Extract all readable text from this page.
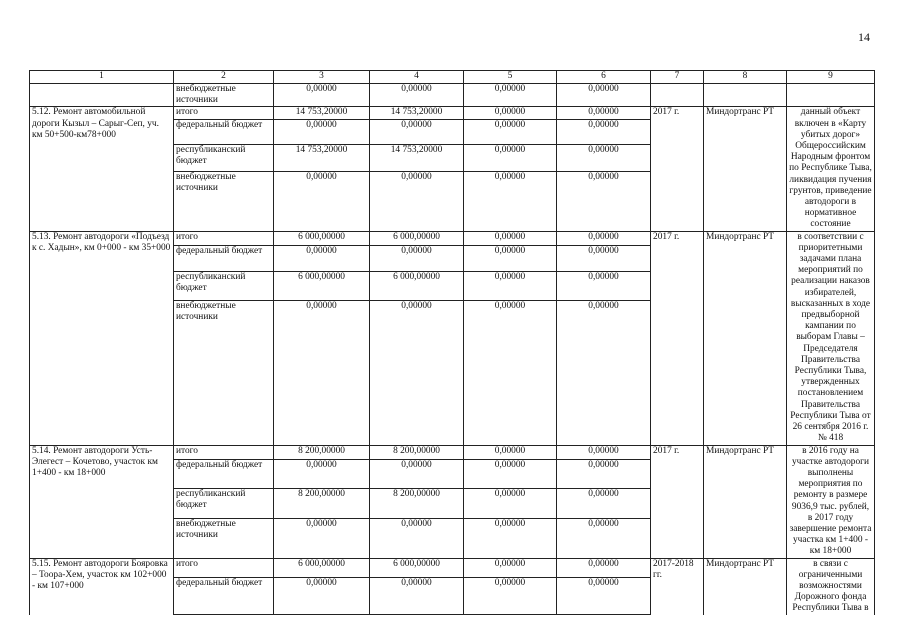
14
1	2	3	4	5	6	7	8	9
	внебюджетные источники	0,00000	0,00000	0,00000	0,00000			
5.12. Ремонт автомобильной дороги Кызыл – Сарыг-Сеп, уч. км 50+500-км78+000	итого	14 753,20000	14 753,20000	0,00000	0,00000	2017 г.	Миндортранс РТ	данный объект включен в «Карту убитых дорог» Общероссийским Народным фронтом по Республике Тыва, ликвидация пучения грунтов, приведение автодороги в нормативное состояние
	федеральный бюджет	0,00000	0,00000	0,00000	0,00000			
	республиканский бюджет	14 753,20000	14 753,20000	0,00000	0,00000			
	внебюджетные источники	0,00000	0,00000	0,00000	0,00000			
5.13. Ремонт автодороги «Подъезд к с. Хадын», км 0+000 - км 35+000	итого	6 000,00000	6 000,00000	0,00000	0,00000	2017 г.	Миндортранс РТ	в соответствии с приоритетными задачами плана мероприятий по реализации наказов избирателей, высказанных в ходе предвыборной кампании по выборам Главы – Председателя Правительства Республики Тыва, утвержденных постановлением Правительства Республики Тыва от 26 сентября 2016 г. № 418
	федеральный бюджет	0,00000	0,00000	0,00000	0,00000			
	республиканский бюджет	6 000,00000	6 000,00000	0,00000	0,00000			
	внебюджетные источники	0,00000	0,00000	0,00000	0,00000			
5.14. Ремонт автодороги Усть-Элегест – Кочетово, участок км 1+400 - км 18+000	итого	8 200,00000	8 200,00000	0,00000	0,00000	2017 г.	Миндортранс РТ	в 2016 году на участке автодороги выполнены мероприятия по ремонту в размере 9036,9 тыс. рублей, в 2017 году завершение ремонта участка км 1+400 - км 18+000
	федеральный бюджет	0,00000	0,00000	0,00000	0,00000			
	республиканский бюджет	8 200,00000	8 200,00000	0,00000	0,00000			
	внебюджетные источники	0,00000	0,00000	0,00000	0,00000			
5.15. Ремонт автодороги Бояровка – Тоора-Хем, участок км 102+000 - км 107+000	итого	6 000,00000	6 000,00000	0,00000	0,00000	2017-2018 гг.	Миндортранс РТ	в связи с ограниченными возможностями Дорожного фонда Республики Тыва в
	федеральный бюджет	0,00000	0,00000	0,00000	0,00000			
